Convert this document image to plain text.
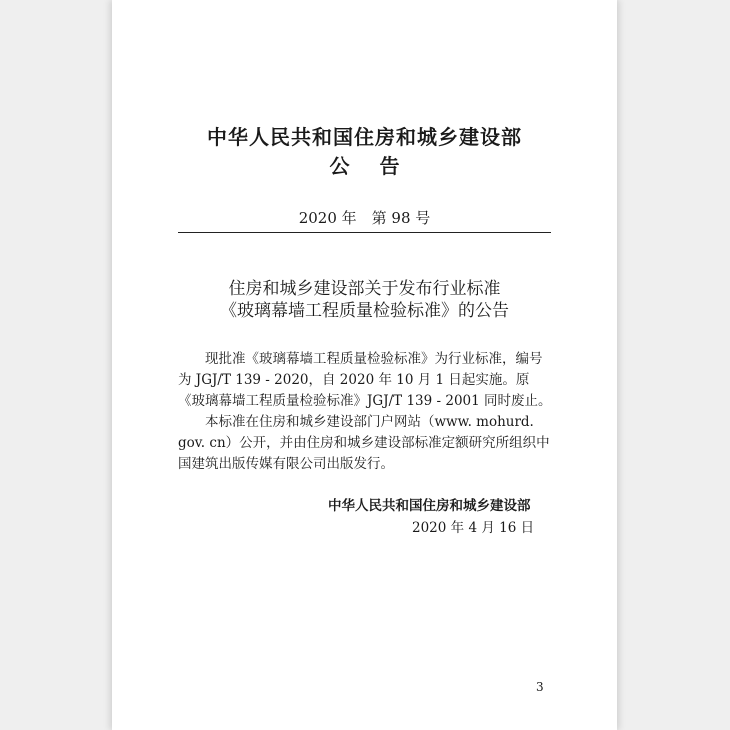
中华人民共和国住房和城乡建设部
公告
2020 年　第 98 号
住房和城乡建设部关于发布行业标准
《玻璃幕墙工程质量检验标准》的公告

现批准《玻璃幕墙工程质量检验标准》为行业标准，编号为 JGJ/T 139 - 2020，自 2020 年 10 月 1 日起实施。原《玻璃幕墙工程质量检验标准》JGJ/T 139 - 2001 同时废止。

本标准在住房和城乡建设部门户网站（www. mohurd. gov. cn）公开，并由住房和城乡建设部标准定额研究所组织中国建筑出版传媒有限公司出版发行。

中华人民共和国住房和城乡建设部
2020 年 4 月 16 日
3
